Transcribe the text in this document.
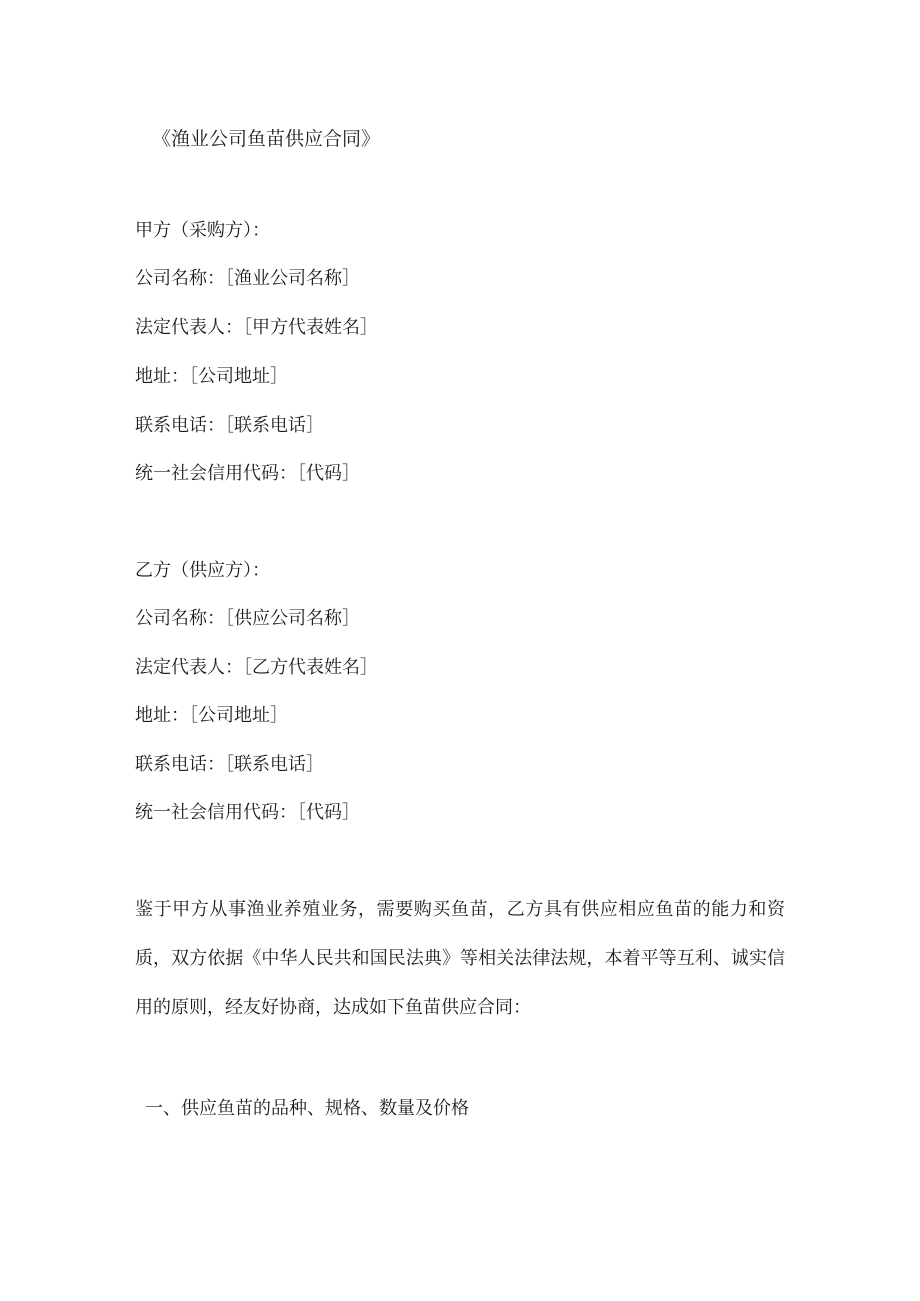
《渔业公司鱼苗供应合同》
甲方（采购方）：
公司名称：［渔业公司名称］
法定代表人：［甲方代表姓名］
地址：［公司地址］
联系电话：［联系电话］
统一社会信用代码：［代码］
乙方（供应方）：
公司名称：［供应公司名称］
法定代表人：［乙方代表姓名］
地址：［公司地址］
联系电话：［联系电话］
统一社会信用代码：［代码］
鉴于甲方从事渔业养殖业务，需要购买鱼苗，乙方具有供应相应鱼苗的能力和资质，双方依据《中华人民共和国民法典》等相关法律法规，本着平等互利、诚实信用的原则，经友好协商，达成如下鱼苗供应合同：
一、供应鱼苗的品种、规格、数量及价格
